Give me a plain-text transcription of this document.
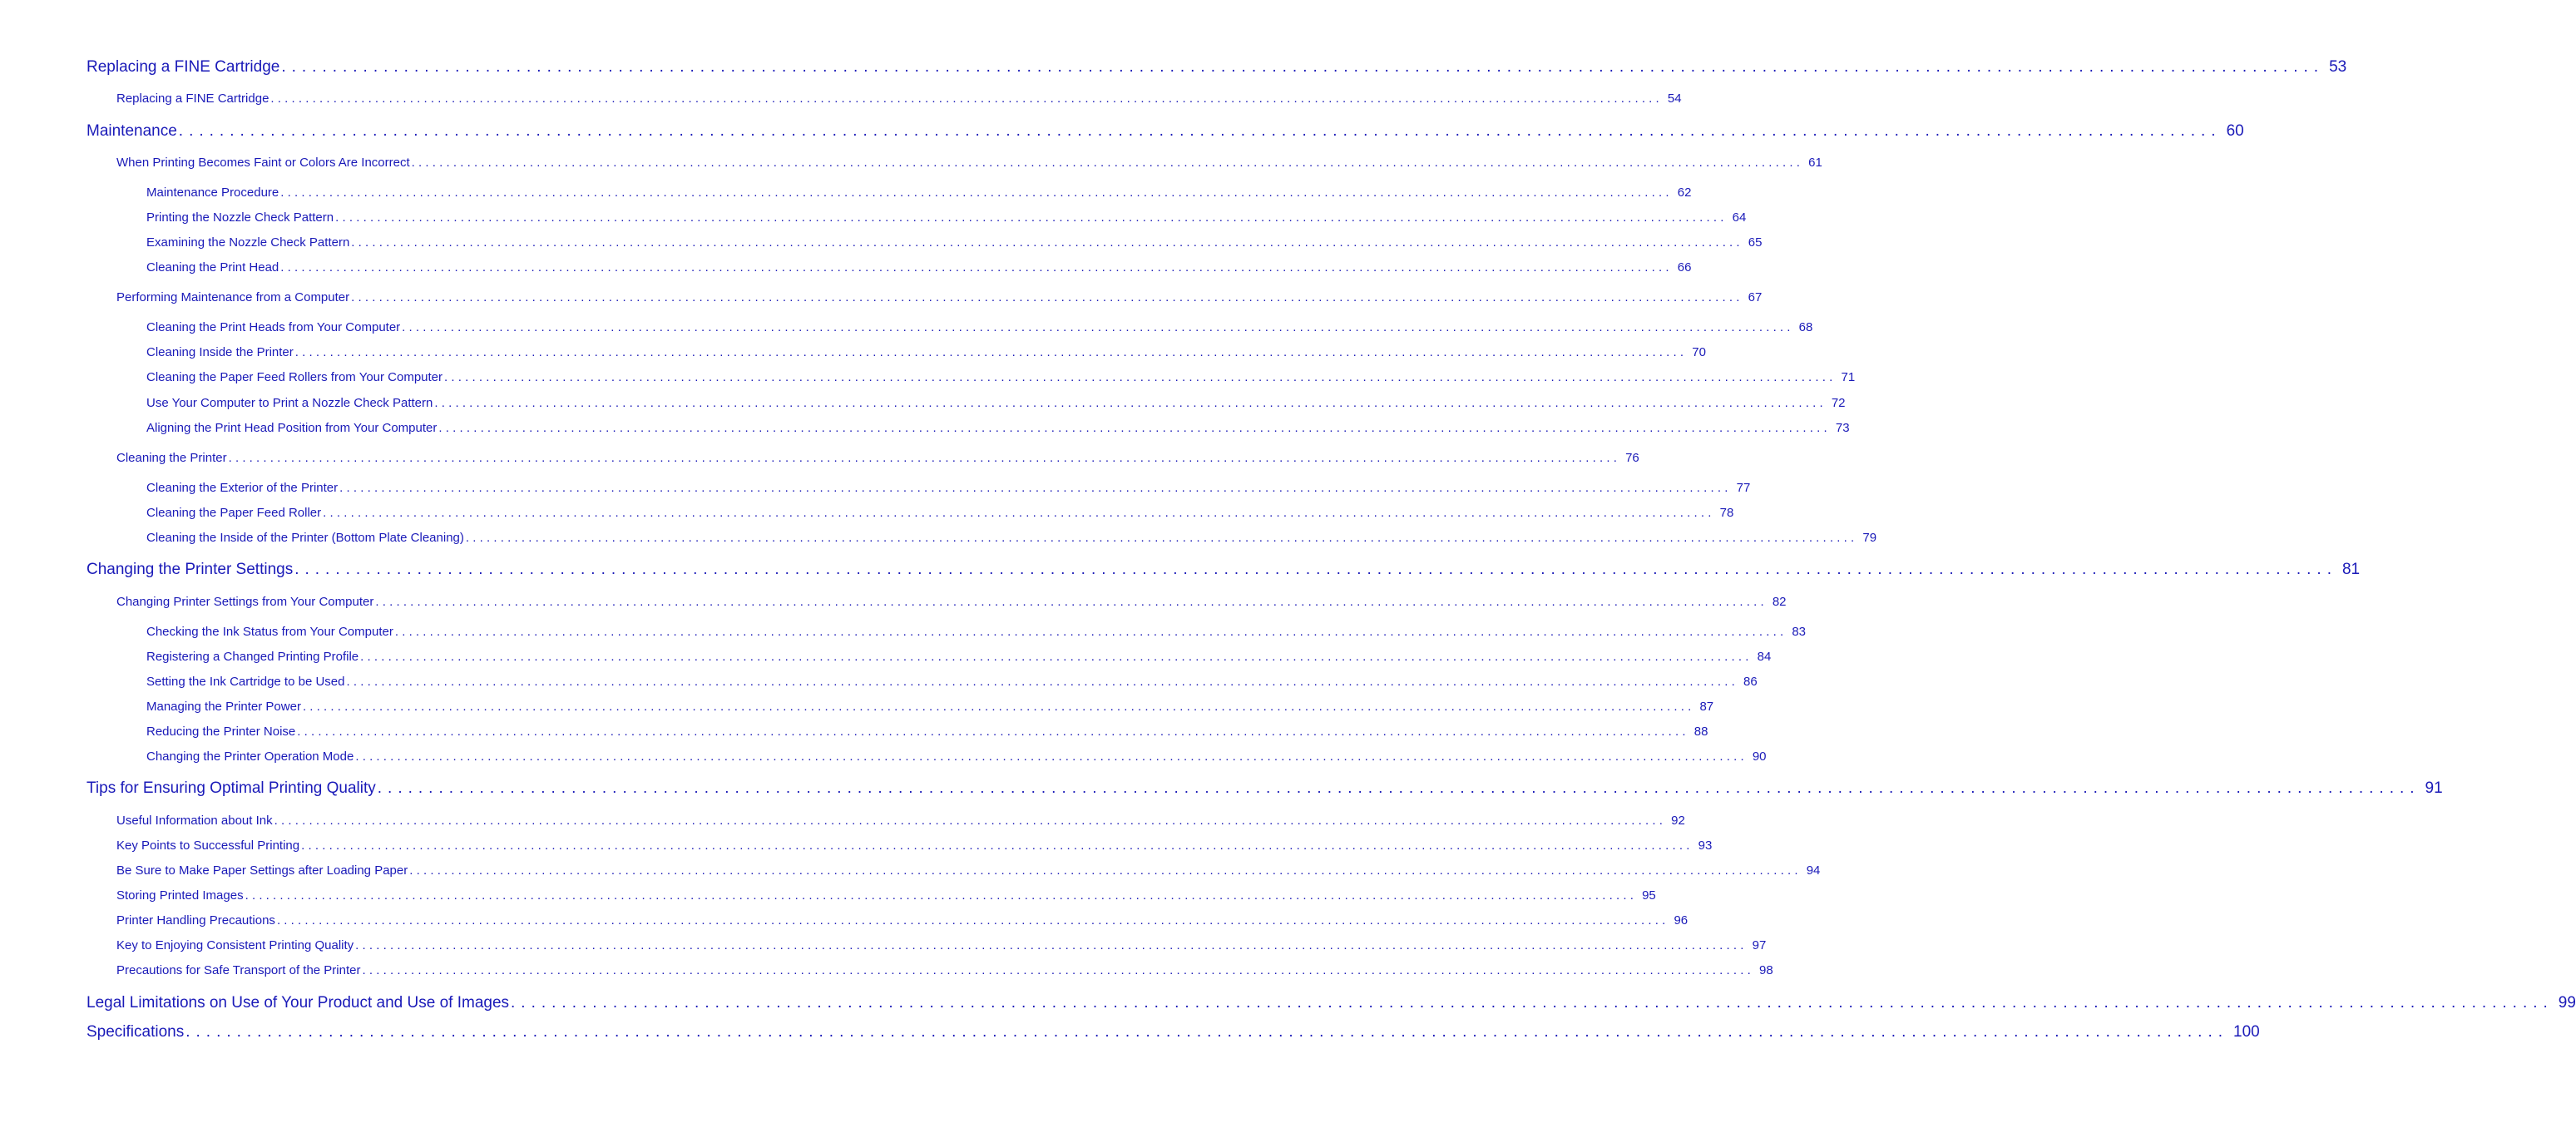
Replacing a FINE Cartridge ........................................................................................................................................................................................................ 53
Replacing a FINE Cartridge ........................................................................................................................................................................................................ 54
Maintenance ........................................................................................................................................................................................................ 60
When Printing Becomes Faint or Colors Are Incorrect ........................................................................................................................................................................................................ 61
Maintenance Procedure ........................................................................................................................................................................................................ 62
Printing the Nozzle Check Pattern ........................................................................................................................................................................................................ 64
Examining the Nozzle Check Pattern ........................................................................................................................................................................................................ 65
Cleaning the Print Head ........................................................................................................................................................................................................ 66
Performing Maintenance from a Computer ........................................................................................................................................................................................................ 67
Cleaning the Print Heads from Your Computer ........................................................................................................................................................................................................ 68
Cleaning Inside the Printer ........................................................................................................................................................................................................ 70
Cleaning the Paper Feed Rollers from Your Computer ........................................................................................................................................................................................................ 71
Use Your Computer to Print a Nozzle Check Pattern ........................................................................................................................................................................................................ 72
Aligning the Print Head Position from Your Computer ........................................................................................................................................................................................................ 73
Cleaning the Printer ........................................................................................................................................................................................................ 76
Cleaning the Exterior of the Printer ........................................................................................................................................................................................................ 77
Cleaning the Paper Feed Roller ........................................................................................................................................................................................................ 78
Cleaning the Inside of the Printer (Bottom Plate Cleaning) ........................................................................................................................................................................................................ 79
Changing the Printer Settings ........................................................................................................................................................................................................ 81
Changing Printer Settings from Your Computer ........................................................................................................................................................................................................ 82
Checking the Ink Status from Your Computer ........................................................................................................................................................................................................ 83
Registering a Changed Printing Profile ........................................................................................................................................................................................................ 84
Setting the Ink Cartridge to be Used ........................................................................................................................................................................................................ 86
Managing the Printer Power ........................................................................................................................................................................................................ 87
Reducing the Printer Noise ........................................................................................................................................................................................................ 88
Changing the Printer Operation Mode ........................................................................................................................................................................................................ 90
Tips for Ensuring Optimal Printing Quality ........................................................................................................................................................................................................ 91
Useful Information about Ink ........................................................................................................................................................................................................ 92
Key Points to Successful Printing ........................................................................................................................................................................................................ 93
Be Sure to Make Paper Settings after Loading Paper ........................................................................................................................................................................................................ 94
Storing Printed Images ........................................................................................................................................................................................................ 95
Printer Handling Precautions ........................................................................................................................................................................................................ 96
Key to Enjoying Consistent Printing Quality ........................................................................................................................................................................................................ 97
Precautions for Safe Transport of the Printer ........................................................................................................................................................................................................ 98
Legal Limitations on Use of Your Product and Use of Images ........................................................................................................................................................................................................ 99
Specifications ........................................................................................................................................................................................................ 100
